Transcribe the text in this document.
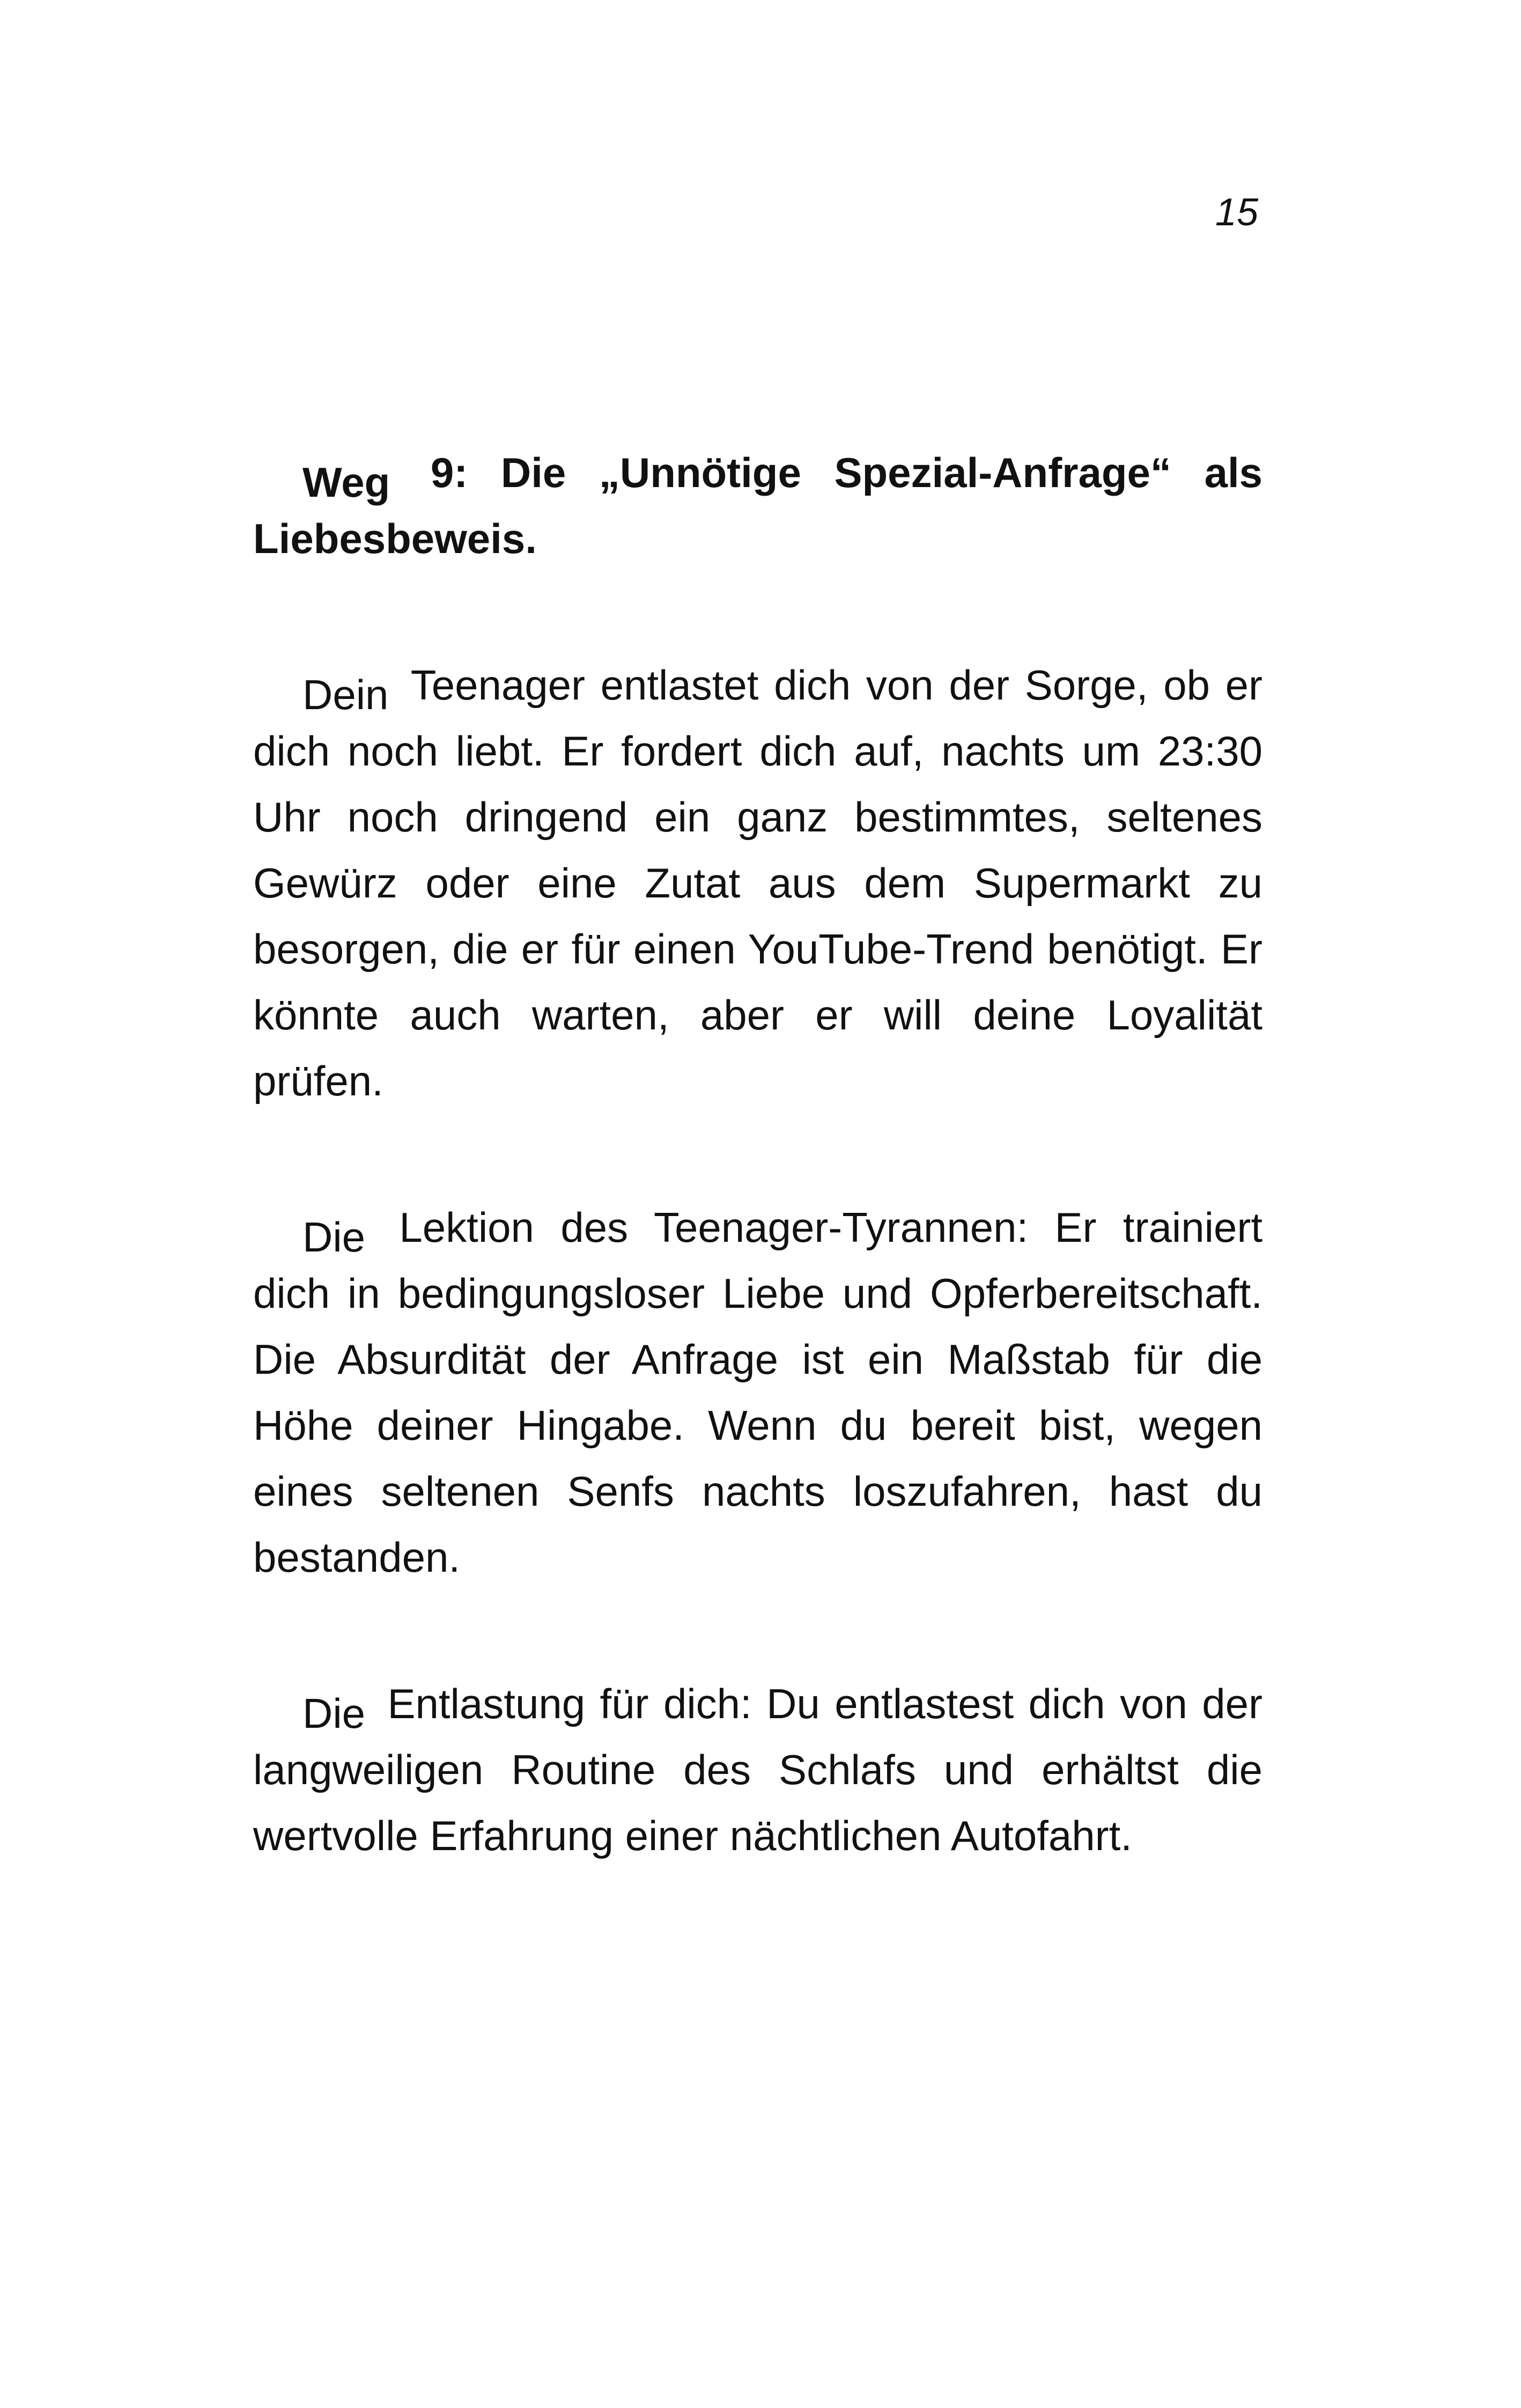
15

Weg 9: Die „Unnötige Spezial-Anfrage“ als Liebesbeweis.

Dein Teenager entlastet dich von der Sorge, ob er dich noch liebt. Er fordert dich auf, nachts um 23:30 Uhr noch dringend ein ganz bestimmtes, seltenes Gewürz oder eine Zutat aus dem Supermarkt zu besorgen, die er für einen YouTube-Trend benötigt. Er könnte auch warten, aber er will deine Loyalität prüfen.

Die Lektion des Teenager-Tyrannen: Er trainiert dich in bedingungsloser Liebe und Opferbereitschaft. Die Absurdität der Anfrage ist ein Maßstab für die Höhe deiner Hingabe. Wenn du bereit bist, wegen eines seltenen Senfs nachts loszufahren, hast du bestanden.

Die Entlastung für dich: Du entlastest dich von der langweiligen Routine des Schlafs und erhältst die wertvolle Erfahrung einer nächtlichen Autofahrt.
